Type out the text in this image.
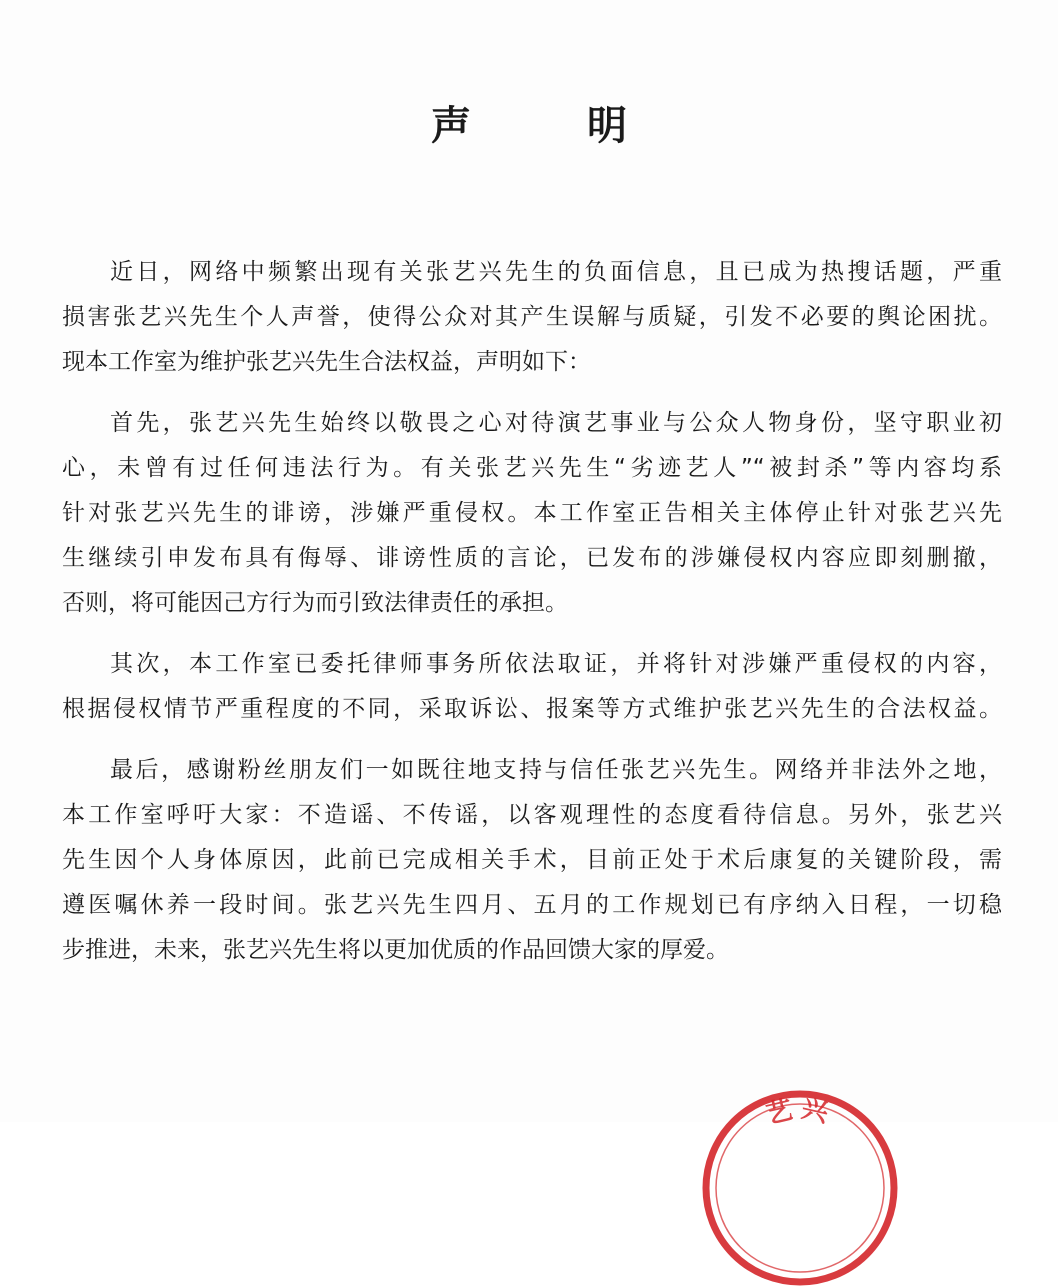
声　明
近日，网络中频繁出现有关张艺兴先生的负面信息，且已成为热搜话题，严重
损害张艺兴先生个人声誉，使得公众对其产生误解与质疑，引发不必要的舆论困扰。
现本工作室为维护张艺兴先生合法权益，声明如下：
首先，张艺兴先生始终以敬畏之心对待演艺事业与公众人物身份，坚守职业初
心，未曾有过任何违法行为。有关张艺兴先生“劣迹艺人”“被封杀”等内容均系
针对张艺兴先生的诽谤，涉嫌严重侵权。本工作室正告相关主体停止针对张艺兴先
生继续引申发布具有侮辱、诽谤性质的言论，已发布的涉嫌侵权内容应即刻删撤，
否则，将可能因己方行为而引致法律责任的承担。
其次，本工作室已委托律师事务所依法取证，并将针对涉嫌严重侵权的内容，
根据侵权情节严重程度的不同，采取诉讼、报案等方式维护张艺兴先生的合法权益。
最后，感谢粉丝朋友们一如既往地支持与信任张艺兴先生。网络并非法外之地，
本工作室呼吁大家：不造谣、不传谣，以客观理性的态度看待信息。另外，张艺兴
先生因个人身体原因，此前已完成相关手术，目前正处于术后康复的关键阶段，需
遵医嘱休养一段时间。张艺兴先生四月、五月的工作规划已有序纳入日程，一切稳
步推进，未来，张艺兴先生将以更加优质的作品回馈大家的厚爱。
艺兴
